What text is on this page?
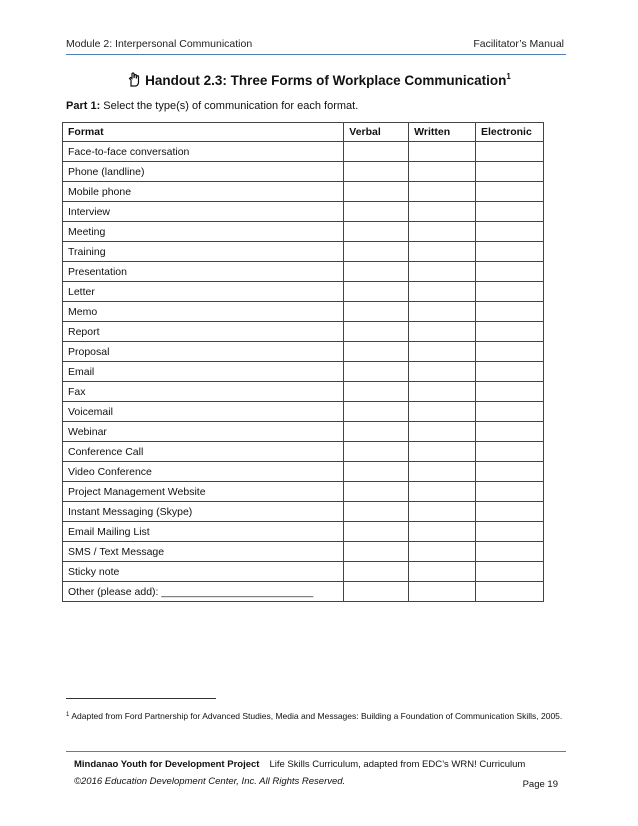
Module 2: Interpersonal Communication	Facilitator’s Manual
Handout 2.3: Three Forms of Workplace Communication$^1$
Part 1: Select the type(s) of communication for each format.
Format	Verbal	Written	Electronic
Face-to-face conversation			
Phone (landline)			
Mobile phone			
Interview			
Meeting			
Training			
Presentation			
Letter			
Memo			
Report			
Proposal			
Email			
Fax			
Voicemail			
Webinar			
Conference Call			
Video Conference			
Project Management Website			
Instant Messaging (Skype)			
Email Mailing List			
SMS / Text Message			
Sticky note			
Other (please add): __________________________			
$^1$ Adapted from Ford Partnership for Advanced Studies, Media and Messages: Building a Foundation of Communication Skills, 2005.
Mindanao Youth for Development Project Life Skills Curriculum, adapted from EDC’s WRN! Curriculum
©2016 Education Development Center, Inc. All Rights Reserved.	Page 19
